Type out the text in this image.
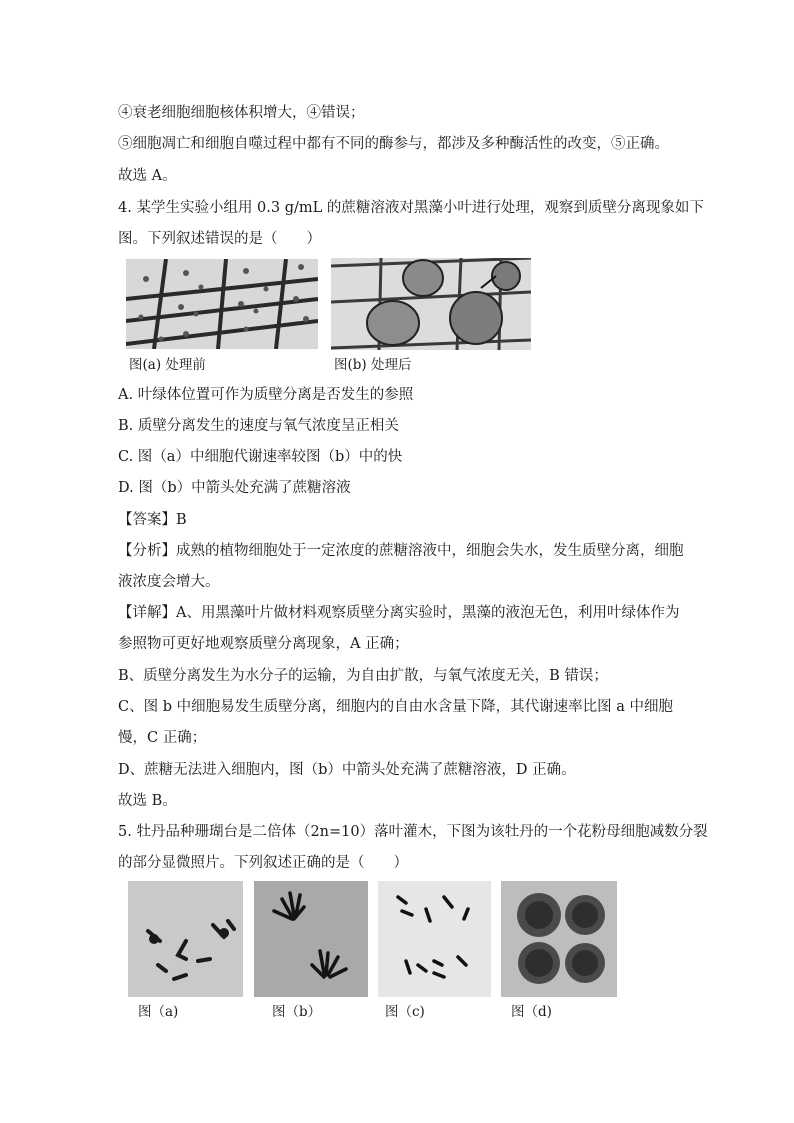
④衰老细胞细胞核体积增大，④错误；
⑤细胞凋亡和细胞自噬过程中都有不同的酶参与，都涉及多种酶活性的改变，⑤正确。
故选 A。
4. 某学生实验小组用 0.3 g/mL 的蔗糖溶液对黑藻小叶进行处理，观察到质壁分离现象如下
图。下列叙述错误的是（　　）
图(a) 处理前	图(b) 处理后
A. 叶绿体位置可作为质壁分离是否发生的参照
B. 质壁分离发生的速度与氧气浓度呈正相关
C. 图（a）中细胞代谢速率较图（b）中的快
D. 图（b）中箭头处充满了蔗糖溶液
【答案】B
【分析】成熟的植物细胞处于一定浓度的蔗糖溶液中，细胞会失水，发生质壁分离，细胞
液浓度会增大。
【详解】A、用黑藻叶片做材料观察质壁分离实验时，黑藻的液泡无色，利用叶绿体作为
参照物可更好地观察质壁分离现象，A 正确；
B、质壁分离发生为水分子的运输，为自由扩散，与氧气浓度无关，B 错误；
C、图 b 中细胞易发生质壁分离，细胞内的自由水含量下降，其代谢速率比图 a 中细胞
慢，C 正确；
D、蔗糖无法进入细胞内，图（b）中箭头处充满了蔗糖溶液，D 正确。
故选 B。
5. 牡丹品种珊瑚台是二倍体（2n=10）落叶灌木，下图为该牡丹的一个花粉母细胞减数分裂
的部分显微照片。下列叙述正确的是（　　）
图（a)	图（b）	图（c)	图（d)
